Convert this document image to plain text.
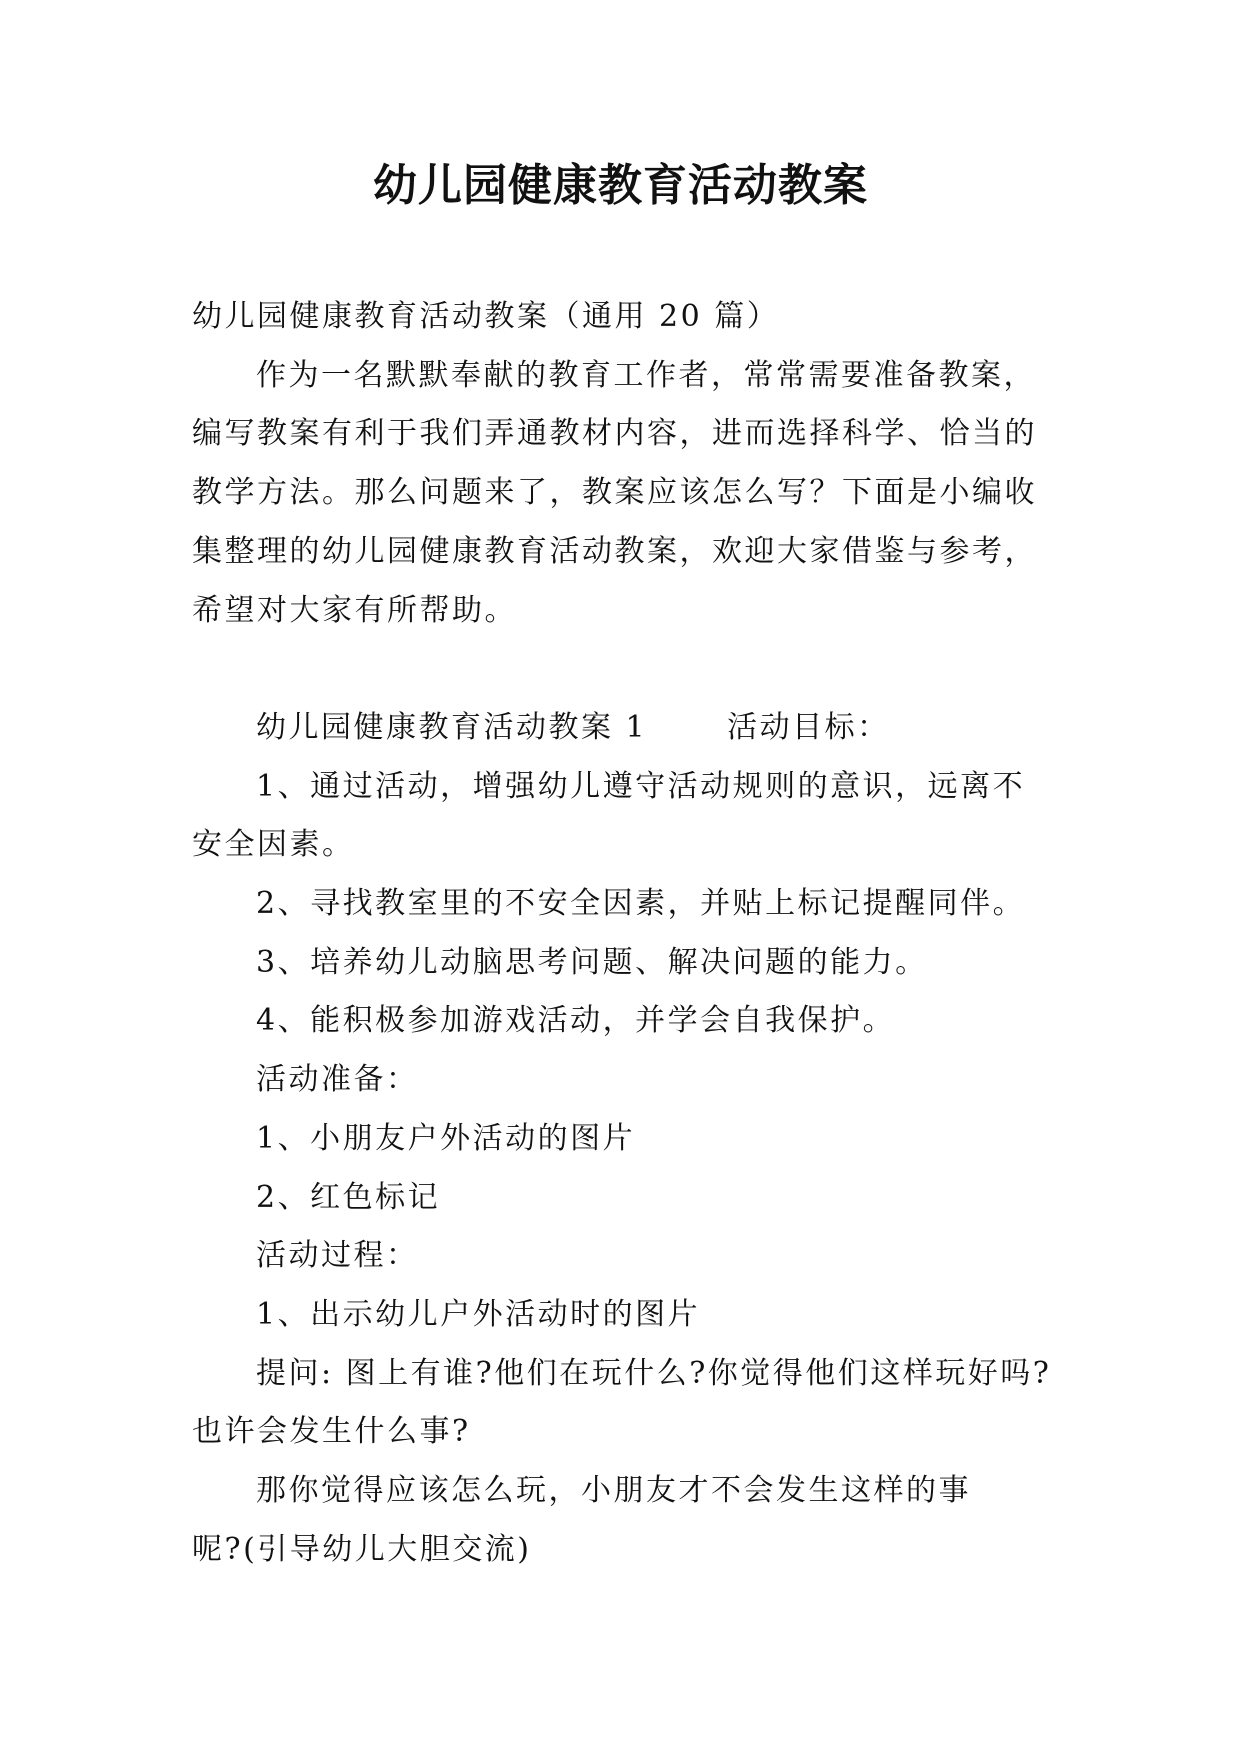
幼儿园健康教育活动教案

幼儿园健康教育活动教案（通用 20 篇）

作为一名默默奉献的教育工作者，常常需要准备教案，

编写教案有利于我们弄通教材内容，进而选择科学、恰当的

教学方法。那么问题来了，教案应该怎么写？下面是小编收

集整理的幼儿园健康教育活动教案，欢迎大家借鉴与参考，

希望对大家有所帮助。

幼儿园健康教育活动教案 1	活动目标：

1、通过活动，增强幼儿遵守活动规则的意识，远离不

安全因素。

2、寻找教室里的不安全因素，并贴上标记提醒同伴。

3、培养幼儿动脑思考问题、解决问题的能力。

4、能积极参加游戏活动，并学会自我保护。

活动准备：

1、小朋友户外活动的图片

2、红色标记

活动过程：

1、出示幼儿户外活动时的图片

提问: 图上有谁?他们在玩什么?你觉得他们这样玩好吗?

也许会发生什么事?

那你觉得应该怎么玩，小朋友才不会发生这样的事

呢?(引导幼儿大胆交流)
